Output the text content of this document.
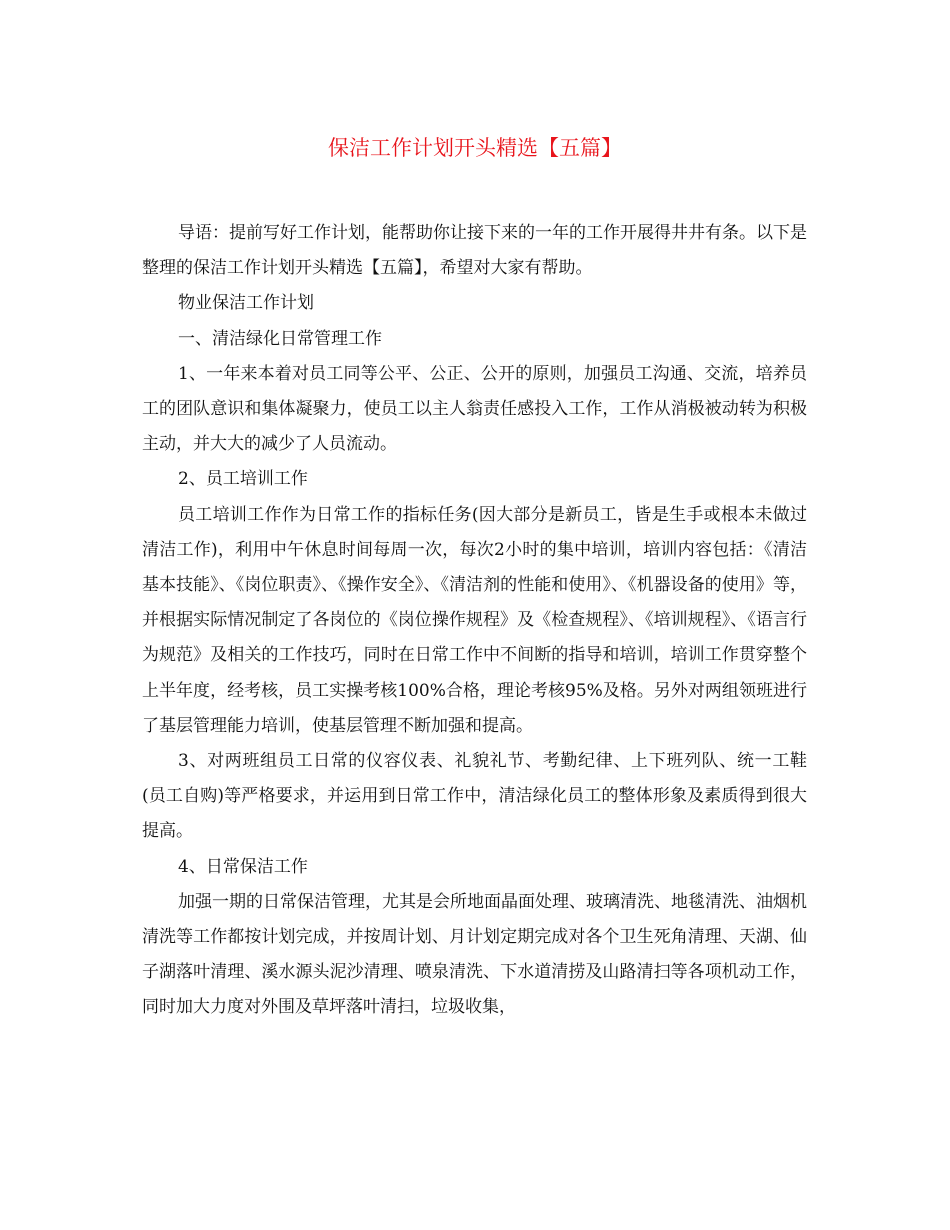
保洁工作计划开头精选【五篇】

导语：提前写好工作计划，能帮助你让接下来的一年的工作开展得井井有条。以下是整理的保洁工作计划开头精选【五篇】，希望对大家有帮助。

物业保洁工作计划

一、清洁绿化日常管理工作

1、一年来本着对员工同等公平、公正、公开的原则，加强员工沟通、交流，培养员工的团队意识和集体凝聚力，使员工以主人翁责任感投入工作，工作从消极被动转为积极主动，并大大的减少了人员流动。

2、员工培训工作

员工培训工作作为日常工作的指标任务(因大部分是新员工，皆是生手或根本未做过清洁工作)，利用中午休息时间每周一次，每次2小时的集中培训，培训内容包括：《清洁基本技能》、《岗位职责》、《操作安全》、《清洁剂的性能和使用》、《机器设备的使用》等，并根据实际情况制定了各岗位的《岗位操作规程》及《检查规程》、《培训规程》、《语言行为规范》及相关的工作技巧，同时在日常工作中不间断的指导和培训，培训工作贯穿整个上半年度，经考核，员工实操考核100%合格，理论考核95%及格。另外对两组领班进行了基层管理能力培训，使基层管理不断加强和提高。

3、对两班组员工日常的仪容仪表、礼貌礼节、考勤纪律、上下班列队、统一工鞋(员工自购)等严格要求，并运用到日常工作中，清洁绿化员工的整体形象及素质得到很大提高。

4、日常保洁工作

加强一期的日常保洁管理，尤其是会所地面晶面处理、玻璃清洗、地毯清洗、油烟机清洗等工作都按计划完成，并按周计划、月计划定期完成对各个卫生死角清理、天湖、仙子湖落叶清理、溪水源头泥沙清理、喷泉清洗、下水道清捞及山路清扫等各项机动工作，同时加大力度对外围及草坪落叶清扫，垃圾收集，
